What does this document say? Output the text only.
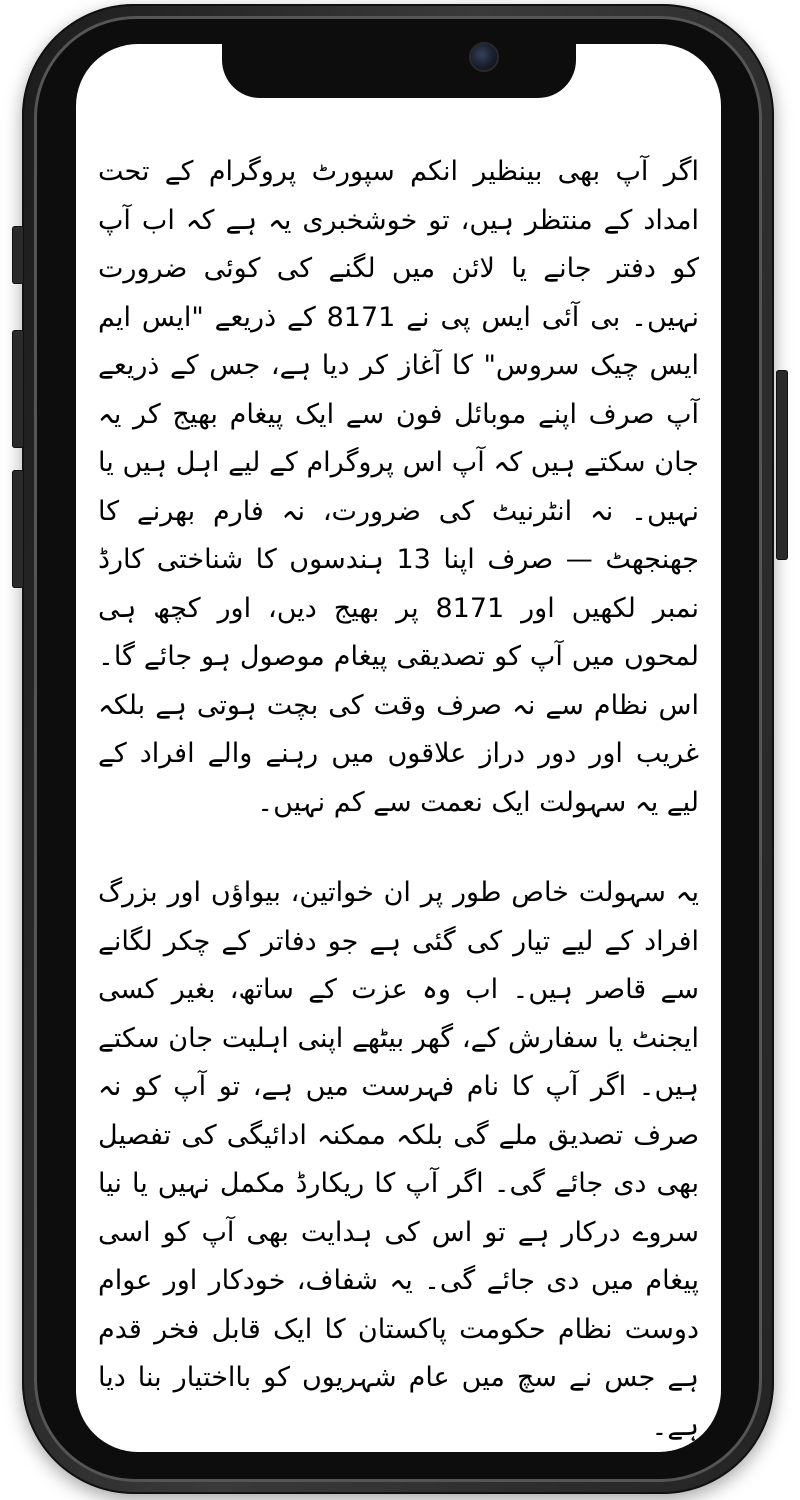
اگر آپ بھی بینظیر انکم سپورٹ پروگرام کے تحت امداد کے منتظر ہیں، تو خوشخبری یہ ہے کہ اب آپ کو دفتر جانے یا لائن میں لگنے کی کوئی ضرورت نہیں۔ بی آئی ایس پی نے 8171 کے ذریعے "ایس ایم ایس چیک سروس" کا آغاز کر دیا ہے، جس کے ذریعے آپ صرف اپنے موبائل فون سے ایک پیغام بھیج کر یہ جان سکتے ہیں کہ آپ اس پروگرام کے لیے اہل ہیں یا نہیں۔ نہ انٹرنیٹ کی ضرورت، نہ فارم بھرنے کا جھنجھٹ — صرف اپنا 13 ہندسوں کا شناختی کارڈ نمبر لکھیں اور 8171 پر بھیج دیں، اور کچھ ہی لمحوں میں آپ کو تصدیقی پیغام موصول ہو جائے گا۔ اس نظام سے نہ صرف وقت کی بچت ہوتی ہے بلکہ غریب اور دور دراز علاقوں میں رہنے والے افراد کے لیے یہ سہولت ایک نعمت سے کم نہیں۔

یہ سہولت خاص طور پر ان خواتین، بیواؤں اور بزرگ افراد کے لیے تیار کی گئی ہے جو دفاتر کے چکر لگانے سے قاصر ہیں۔ اب وہ عزت کے ساتھ، بغیر کسی ایجنٹ یا سفارش کے، گھر بیٹھے اپنی اہلیت جان سکتے ہیں۔ اگر آپ کا نام فہرست میں ہے، تو آپ کو نہ صرف تصدیق ملے گی بلکہ ممکنہ ادائیگی کی تفصیل بھی دی جائے گی۔ اگر آپ کا ریکارڈ مکمل نہیں یا نیا سروے درکار ہے تو اس کی ہدایت بھی آپ کو اسی پیغام میں دی جائے گی۔ یہ شفاف، خودکار اور عوام دوست نظام حکومت پاکستان کا ایک قابل فخر قدم ہے جس نے سچ میں عام شہریوں کو بااختیار بنا دیا ہے۔
